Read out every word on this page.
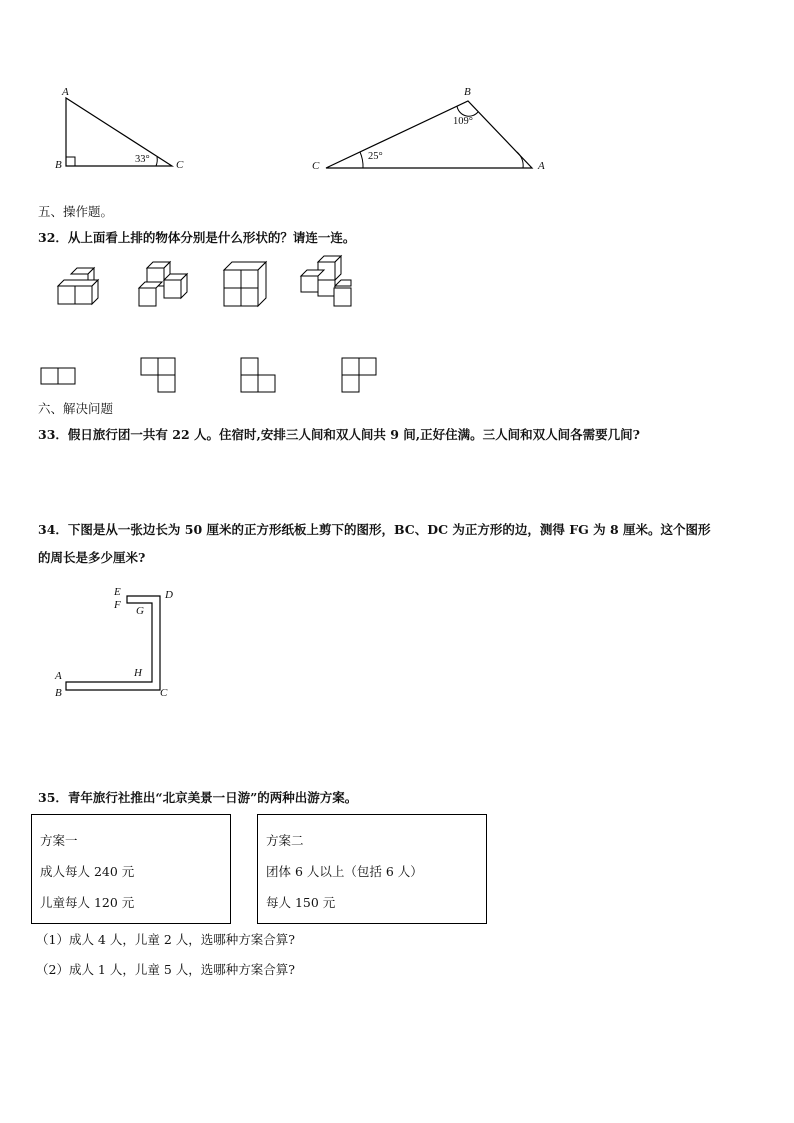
A
B	C
33°
B
C	A
109°
25°
五、操作题。
32．从上面看上排的物体分别是什么形状的？请连一连。
六、解决问题
33．假日旅行团一共有 22 人。住宿时,安排三人间和双人间共 9 间,正好住满。三人间和双人间各需要几间?
34．下图是从一张边长为 50 厘米的正方形纸板上剪下的图形，BC、DC 为正方形的边，测得 FG 为 8 厘米。这个图形
的周长是多少厘米?
E
F G
D
A
B
H
C
35．青年旅行社推出“北京美景一日游”的两种出游方案。
方案一
成人每人 240 元
儿童每人 120 元
方案二
团体 6 人以上（包括 6 人）
每人 150 元
（1）成人 4 人，儿童 2 人，选哪种方案合算?
（2）成人 1 人，儿童 5 人，选哪种方案合算?
